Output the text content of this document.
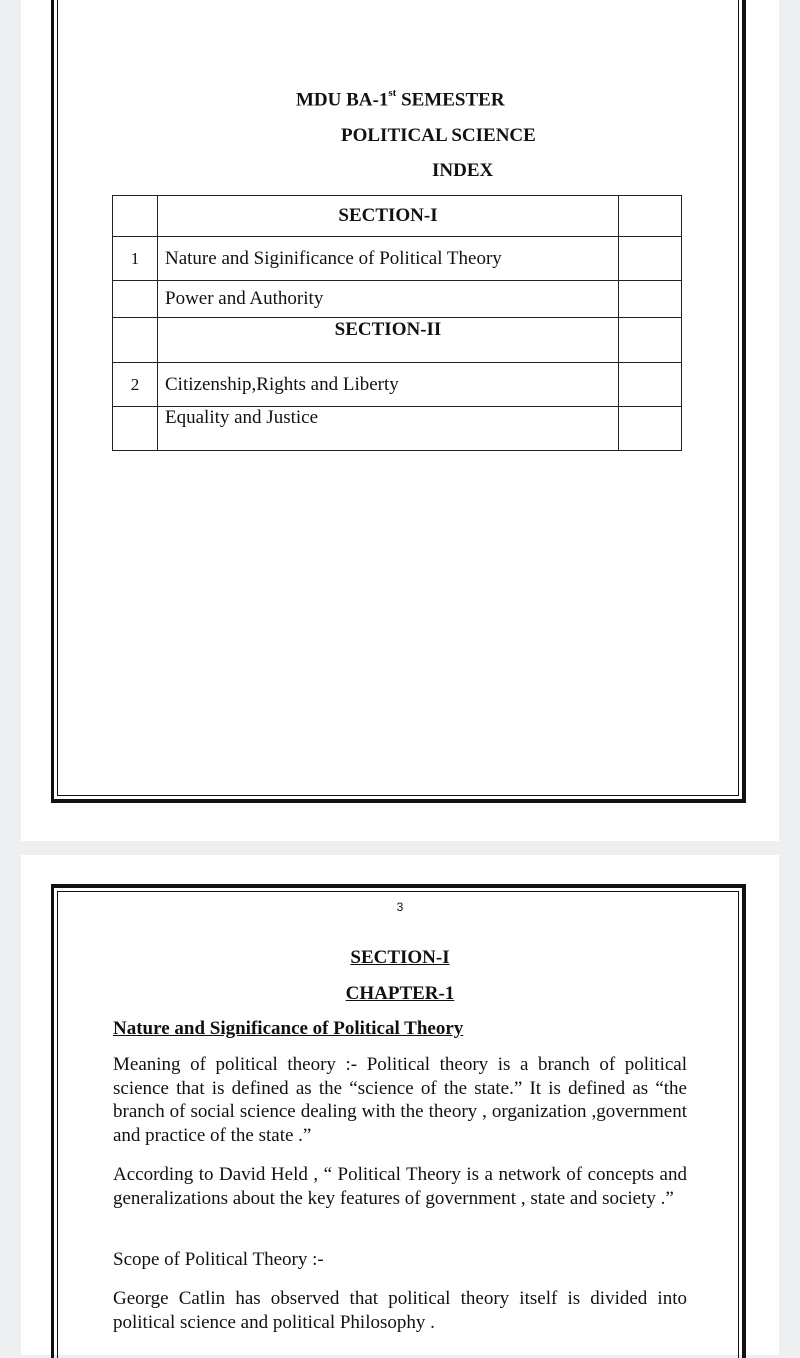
MDU BA-1st SEMESTER
POLITICAL SCIENCE
INDEX
	SECTION-I	
1	Nature and Siginificance of Political Theory	
	Power and Authority	
	SECTION-II	
2	Citizenship,Rights and Liberty	
	Equality and Justice	
3
SECTION-I
CHAPTER-1
Nature and Significance of Political Theory
Meaning of political theory :- Political theory is a branch of political science that is defined as the “science of the state.” It is defined as “the branch of social science dealing with the theory , organization ,government and practice of the state .”
According to David Held , “ Political Theory is a network of concepts and generalizations about the key features of government , state and society .”
Scope of Political Theory :-
George Catlin has observed that political theory itself is divided into political science and political Philosophy .
